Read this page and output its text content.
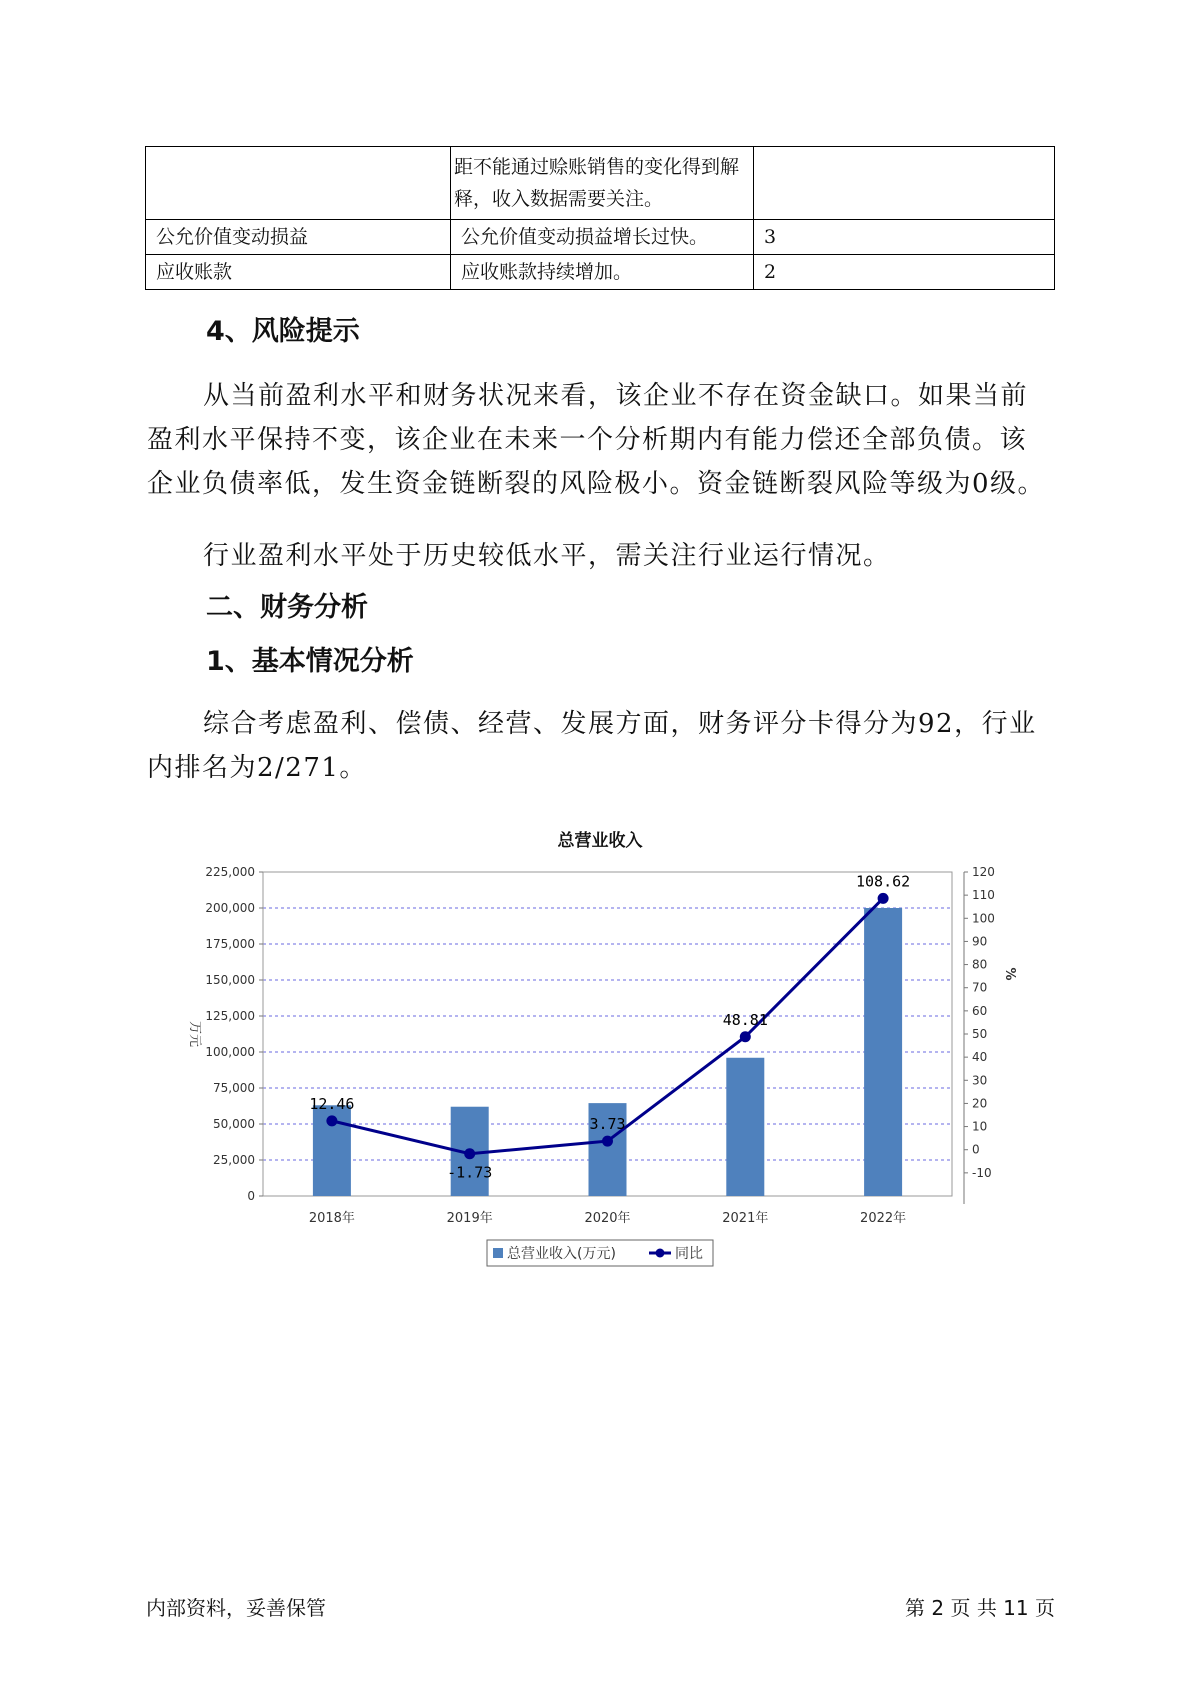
	距不能通过赊账销售的变化得到解释，收入数据需要关注。	
公允价值变动损益	公允价值变动损益增长过快。	3
应收账款	应收账款持续增加。	2
4、风险提示

从当前盈利水平和财务状况来看，该企业不存在资金缺口。如果当前盈利水平保持不变，该企业在未来一个分析期内有能力偿还全部负债。该企业负债率低，发生资金链断裂的风险极小。资金链断裂风险等级为0级。

行业盈利水平处于历史较低水平，需关注行业运行情况。

二、财务分析
1、基本情况分析

综合考虑盈利、偿债、经营、发展方面，财务评分卡得分为92，行业内排名为2/271。

总营业收入
0
25,000
50,000
75,000
100,000
125,000
150,000
175,000
200,000
225,000
-10
0
10
20
30
40
50
60
70
80
90
100
110
120
万元
%
2018年	2019年	2020年	2021年	2022年
12.46
-1.73
3.73
48.81
108.62
总营业收入(万元)	同比
内部资料，妥善保管	第 2 页 共 11 页
